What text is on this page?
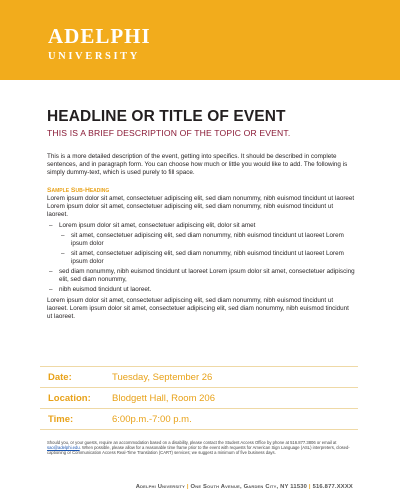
ADELPHI
UNIVERSITY
HEADLINE OR TITLE OF EVENT
THIS IS A BRIEF DESCRIPTION OF THE TOPIC OR EVENT.

This is a more detailed description of the event, getting into specifics. It should be described in complete sentences, and in paragraph form. You can choose how much or little you would like to add. The following is simply dummy-text, which is used purely to fill space.

Sample Sub-Heading

Lorem ipsum dolor sit amet, consectetuer adipiscing elit, sed diam nonummy, nibh euismod tincidunt ut laoreet Lorem ipsum dolor sit amet, consectetuer adipiscing elit, sed diam nonummy, nibh euismod tincidunt ut laoreet.

– Lorem ipsum dolor sit amet, consectetuer adipiscing elit, dolor sit amet
– sit amet, consectetuer adipiscing elit, sed diam nonummy, nibh euismod tincidunt ut laoreet Lorem ipsum dolor
– sit amet, consectetuer adipiscing elit, sed diam nonummy, nibh euismod tincidunt ut laoreet Lorem ipsum dolor
– sed diam nonummy, nibh euismod tincidunt ut laoreet Lorem ipsum dolor sit amet, consectetuer adipiscing elit, sed diam nonummy,
– nibh euismod tincidunt ut laoreet.

Lorem ipsum dolor sit amet, consectetuer adipiscing elit, sed diam nonummy, nibh euismod tincidunt ut laoreet. Lorem ipsum dolor sit amet, consectetuer adipiscing elit, sed diam nonummy, nibh euismod tincidunt ut laoreet.

Date:	Tuesday, September 26
Location:	Blodgett Hall, Room 206
Time:	6:00p.m.-7:00 p.m.
Should you, or your guests, require an accommodation based on a disability, please contact the Student Access Office by phone at 516.877.3806 or email at sao@adelphi.edu. When possible, please allow for a reasonable time frame prior to the event with requests for American Sign Language (ASL) interpreters, closed-captioning or Communication Access Real-Time Translation (CART) services; we suggest a minimum of five business days.
Adelphi University | One South Avenue, Garden City, NY 11530 | 516.877.XXXX
